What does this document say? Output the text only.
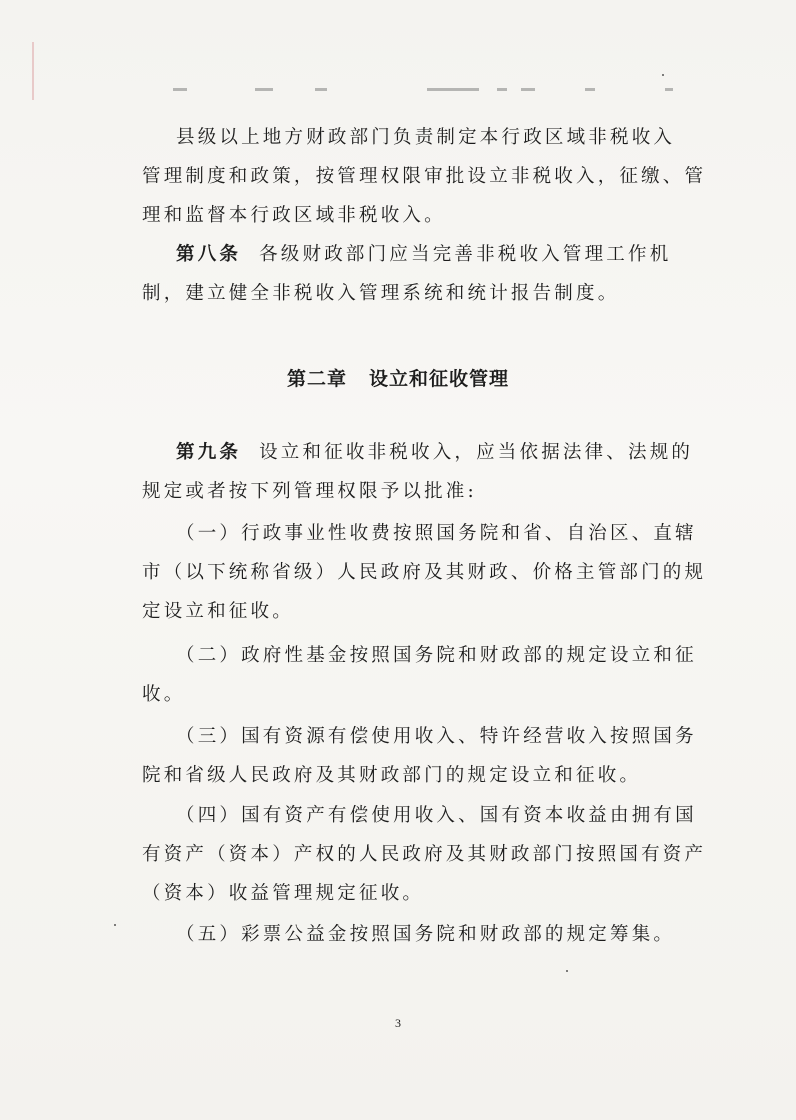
县级以上地方财政部门负责制定本行政区域非税收入
管理制度和政策，按管理权限审批设立非税收入，征缴、管
理和监督本行政区域非税收入。
第八条 各级财政部门应当完善非税收入管理工作机
制，建立健全非税收入管理系统和统计报告制度。
第二章 设立和征收管理
第九条 设立和征收非税收入，应当依据法律、法规的
规定或者按下列管理权限予以批准:
（一）行政事业性收费按照国务院和省、自治区、直辖
市（以下统称省级）人民政府及其财政、价格主管部门的规
定设立和征收。
（二）政府性基金按照国务院和财政部的规定设立和征
收。
（三）国有资源有偿使用收入、特许经营收入按照国务
院和省级人民政府及其财政部门的规定设立和征收。
（四）国有资产有偿使用收入、国有资本收益由拥有国
有资产（资本）产权的人民政府及其财政部门按照国有资产
（资本）收益管理规定征收。
（五）彩票公益金按照国务院和财政部的规定筹集。
3
